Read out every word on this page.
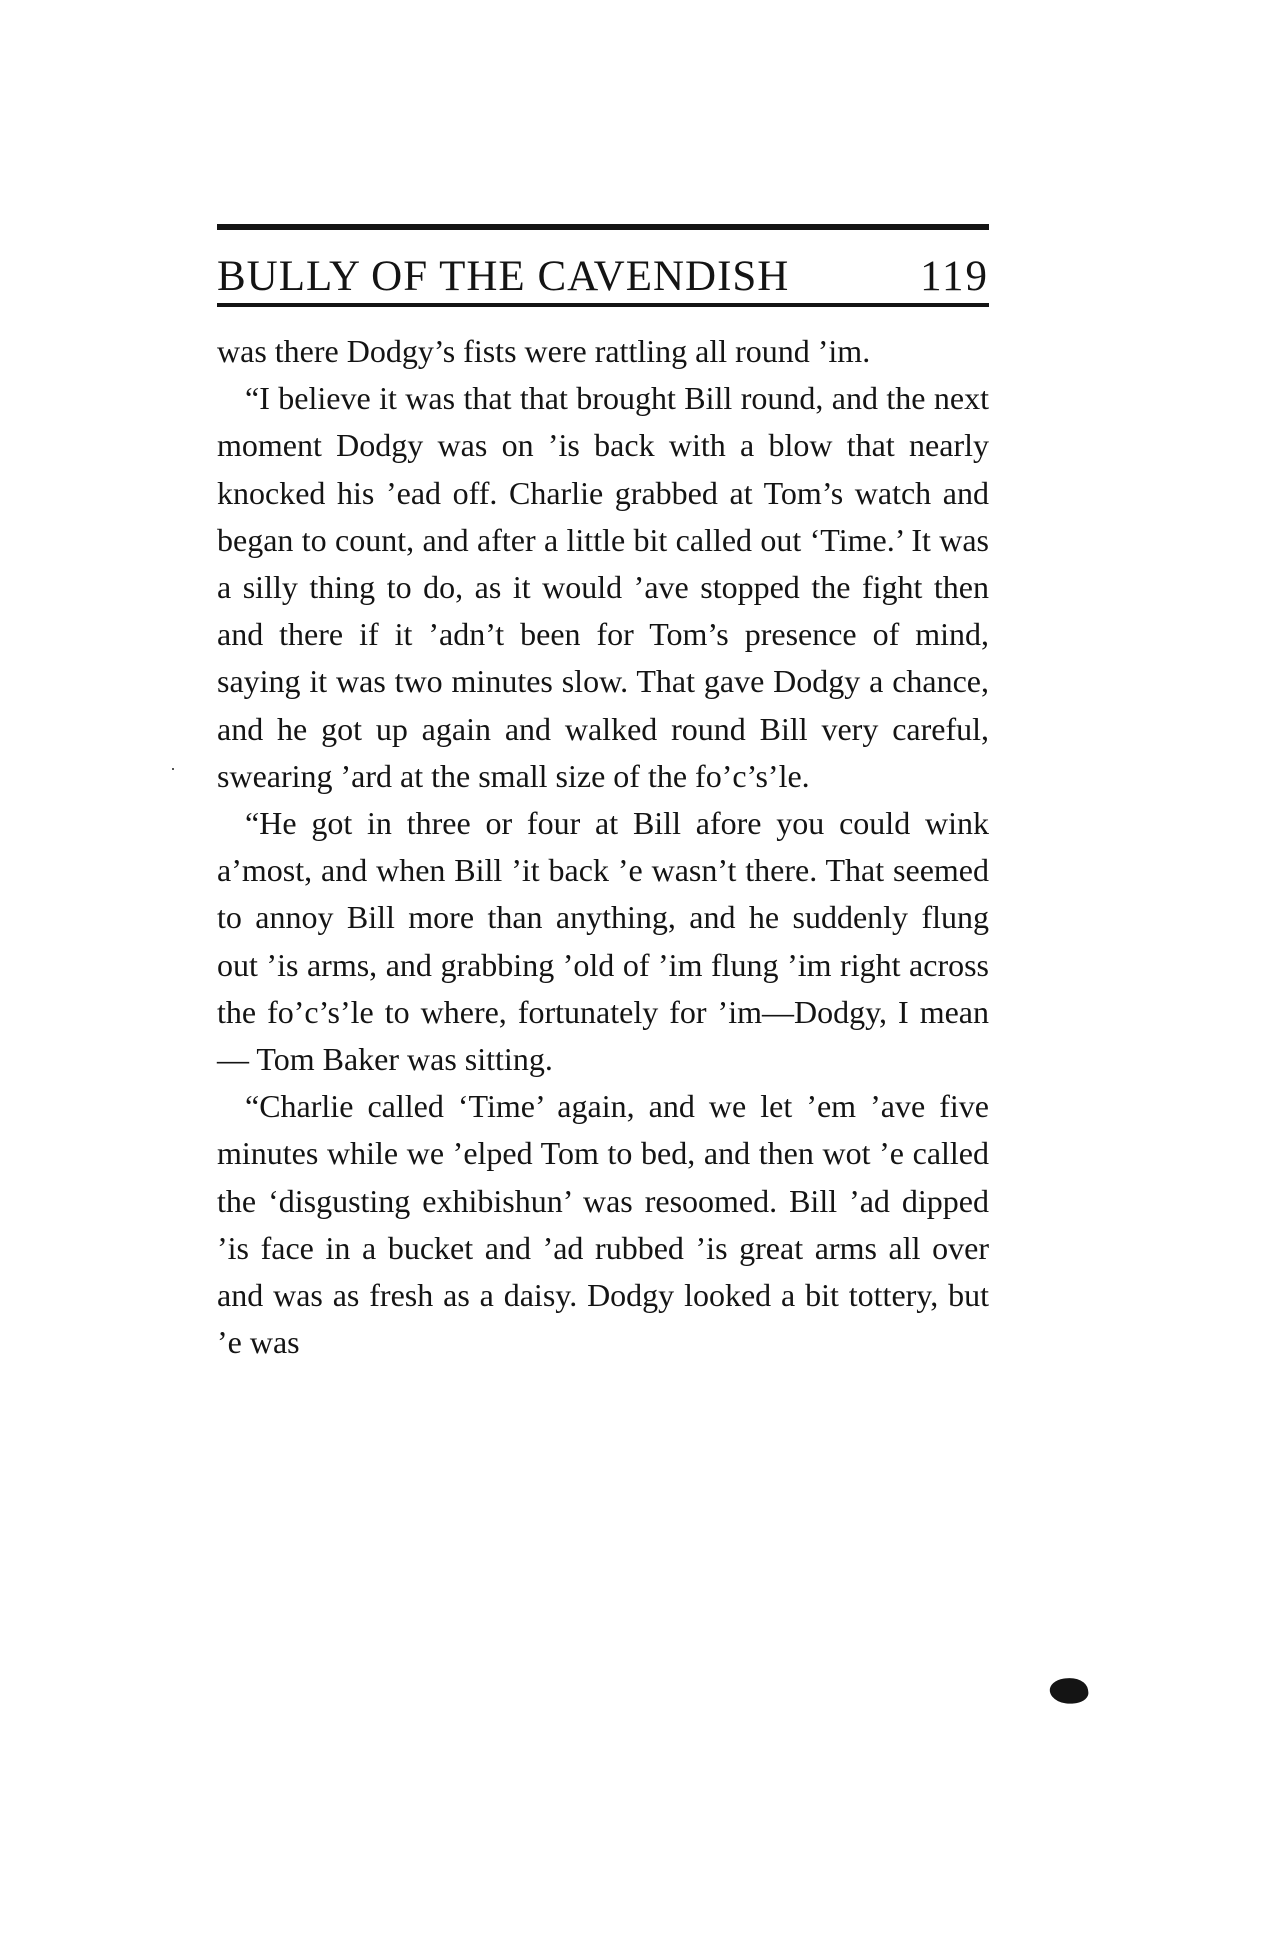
BULLY OF THE CAVENDISH	119

was there Dodgy’s fists were rattling all round ’im.

“I believe it was that that brought Bill round, and the next moment Dodgy was on ’is back with a blow that nearly knocked his ’ead off. Charlie grabbed at Tom’s watch and began to count, and after a little bit called out ‘Time.’ It was a silly thing to do, as it would ’ave stopped the fight then and there if it ’adn’t been for Tom’s presence of mind, saying it was two minutes slow. That gave Dodgy a chance, and he got up again and walked round Bill very careful, swearing ’ard at the small size of the fo’c’s’le.

“He got in three or four at Bill afore you could wink a’most, and when Bill ’it back ’e wasn’t there. That seemed to annoy Bill more than anything, and he suddenly flung out ’is arms, and grabbing ’old of ’im flung ’im right across the fo’c’s’le to where, fortunately for ’im—Dodgy, I mean— Tom Baker was sitting.

“Charlie called ‘Time’ again, and we let ’em ’ave five minutes while we ’elped Tom to bed, and then wot ’e called the ‘disgusting exhibishun’ was resoomed. Bill ’ad dipped ’is face in a bucket and ’ad rubbed ’is great arms all over and was as fresh as a daisy. Dodgy looked a bit tottery, but ’e was
